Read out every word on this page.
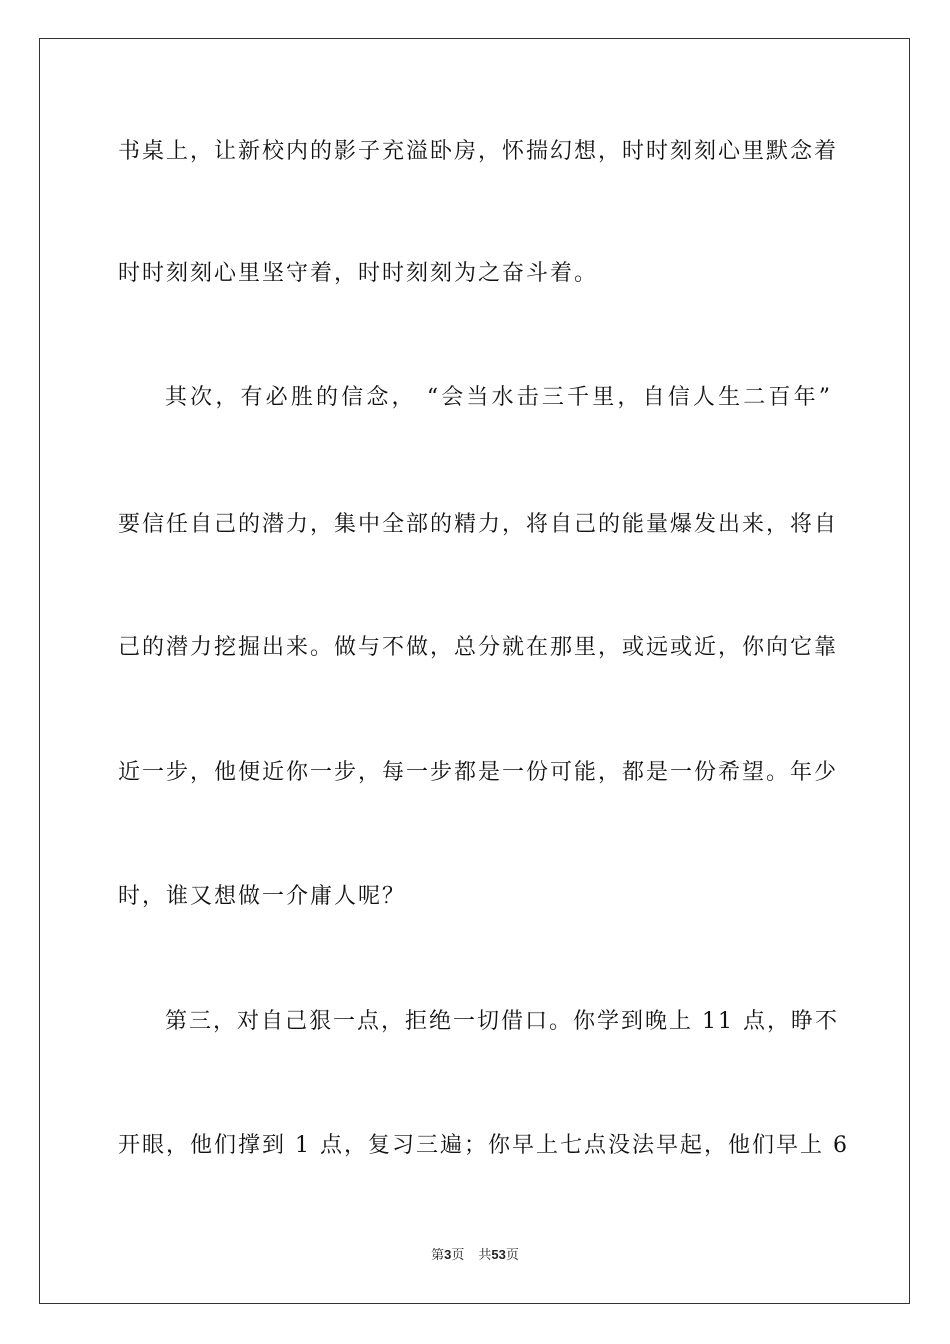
书桌上，让新校内的影子充溢卧房，怀揣幻想，时时刻刻心里默念着
时时刻刻心里坚守着，时时刻刻为之奋斗着。
其次，有必胜的信念， “会当水击三千里，自信人生二百年”
要信任自己的潜力，集中全部的精力，将自己的能量爆发出来，将自
己的潜力挖掘出来。做与不做，总分就在那里，或远或近，你向它靠
近一步，他便近你一步，每一步都是一份可能，都是一份希望。年少
时，谁又想做一介庸人呢？
第三，对自己狠一点，拒绝一切借口。你学到晚上 11 点，睁不
开眼，他们撑到 1 点，复习三遍；你早上七点没法早起，他们早上 6
第3页 共53页
